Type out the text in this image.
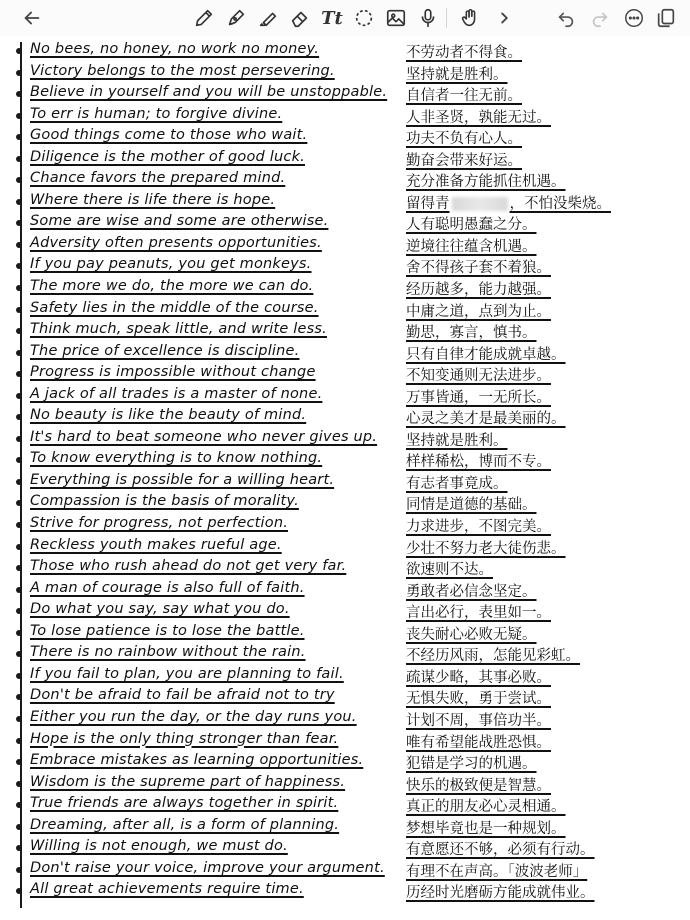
Tt
No bees, no honey, no work no money.	不劳动者不得食。
Victory belongs to the most persevering.	坚持就是胜利。
Believe in yourself and you will be unstoppable. 自信者一往无前。
To err is human; to forgive divine.	人非圣贤，孰能无过。
Good things come to those who wait.	功夫不负有心人。
Diligence is the mother of good luck.	勤奋会带来好运。
Chance favors the prepared mind.	充分准备方能抓住机遇。
Where there is life there is hope.	留得青	，不怕没柴烧。
Some are wise and some are otherwise.	人有聪明愚蠢之分。
Adversity often presents opportunities.	逆境往往蕴含机遇。
If you pay peanuts, you get monkeys.	舍不得孩子套不着狼。
The more we do, the more we can do.	经历越多，能力越强。
Safety lies in the middle of the course.	中庸之道，点到为止。
Think much, speak little, and write less.	勤思，寡言，慎书。
The price of excellence is discipline.	只有自律才能成就卓越。
Progress is impossible without change	不知变通则无法进步。
A jack of all trades is a master of none.	万事皆通，一无所长。
No beauty is like the beauty of mind.	心灵之美才是最美丽的。
It's hard to beat someone who never gives up. 坚持就是胜利。
To know everything is to know nothing.	样样稀松，博而不专。
Everything is possible for a willing heart.	有志者事竟成。
Compassion is the basis of morality.	同情是道德的基础。
Strive for progress, not perfection.	力求进步，不图完美。
Reckless youth makes rueful age.	少壮不努力老大徒伤悲。
Those who rush ahead do not get very far.	欲速则不达。
A man of courage is also full of faith.	勇敢者必信念坚定。
Do what you say, say what you do.	言出必行，表里如一。
To lose patience is to lose the battle.	丧失耐心必败无疑。
There is no rainbow without the rain.	不经历风雨，怎能见彩虹。
If you fail to plan, you are planning to fail.	疏谋少略，其事必败。
Don't be afraid to fail be afraid not to try	无惧失败，勇于尝试。
Either you run the day, or the day runs you.	计划不周，事倍功半。
Hope is the only thing stronger than fear.	唯有希望能战胜恐惧。
Embrace mistakes as learning opportunities.	犯错是学习的机遇。
Wisdom is the supreme part of happiness.	快乐的极致便是智慧。
True friends are always together in spirit.	真正的朋友必心灵相通。
Dreaming, after all, is a form of planning.	梦想毕竟也是一种规划。
Willing is not enough, we must do.	有意愿还不够，必须有行动。
Don't raise your voice, improve your argument. 有理不在声高。「波波老师」
All great achievements require time.	历经时光磨砺方能成就伟业。
